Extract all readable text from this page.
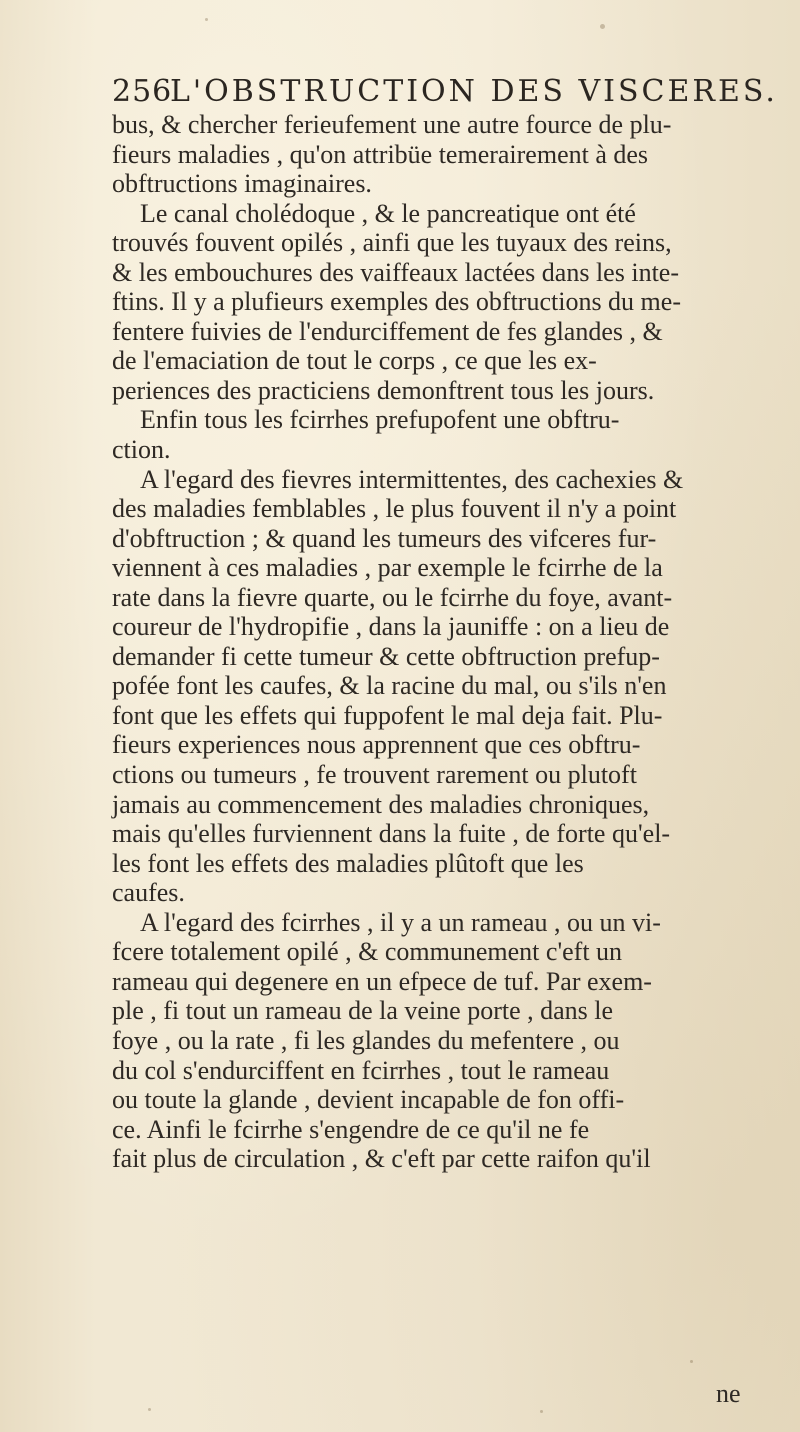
256
L'OBSTRUCTION DES VISCERES.
bus, & chercher ferieufement une autre fource de plu-
fieurs maladies , qu'on attribüe temerairement à des
obftructions imaginaires.
Le canal cholédoque , & le pancreatique ont été
trouvés fouvent opilés , ainfi que les tuyaux des reins,
& les embouchures des vaiffeaux lactées dans les inte-
ftins. Il y a plufieurs exemples des obftructions du me-
fentere fuivies de l'endurciffement de fes glandes , &
de l'emaciation de tout le corps , ce que les ex-
periences des practiciens demonftrent tous les jours.
Enfin tous les fcirrhes prefupofent une obftru-
ction.
A l'egard des fievres intermittentes, des cachexies &
des maladies femblables , le plus fouvent il n'y a point
d'obftruction ; & quand les tumeurs des vifceres fur-
viennent à ces maladies , par exemple le fcirrhe de la
rate dans la fievre quarte, ou le fcirrhe du foye, avant-
coureur de l'hydropifie , dans la jauniffe : on a lieu de
demander fi cette tumeur & cette obftruction prefup-
pofée font les caufes, & la racine du mal, ou s'ils n'en
font que les effets qui fuppofent le mal deja fait. Plu-
fieurs experiences nous apprennent que ces obftru-
ctions ou tumeurs , fe trouvent rarement ou plutoft
jamais au commencement des maladies chroniques,
mais qu'elles furviennent dans la fuite , de forte qu'el-
les font les effets des maladies plûtoft que les
caufes.
A l'egard des fcirrhes , il y a un rameau , ou un vi-
fcere totalement opilé , & communement c'eft un
rameau qui degenere en un efpece de tuf. Par exem-
ple , fi tout un rameau de la veine porte , dans le
foye , ou la rate , fi les glandes du mefentere , ou
du col s'endurciffent en fcirrhes , tout le rameau
ou toute la glande , devient incapable de fon offi-
ce. Ainfi le fcirrhe s'engendre de ce qu'il ne fe
fait plus de circulation , & c'eft par cette raifon qu'il
ne
